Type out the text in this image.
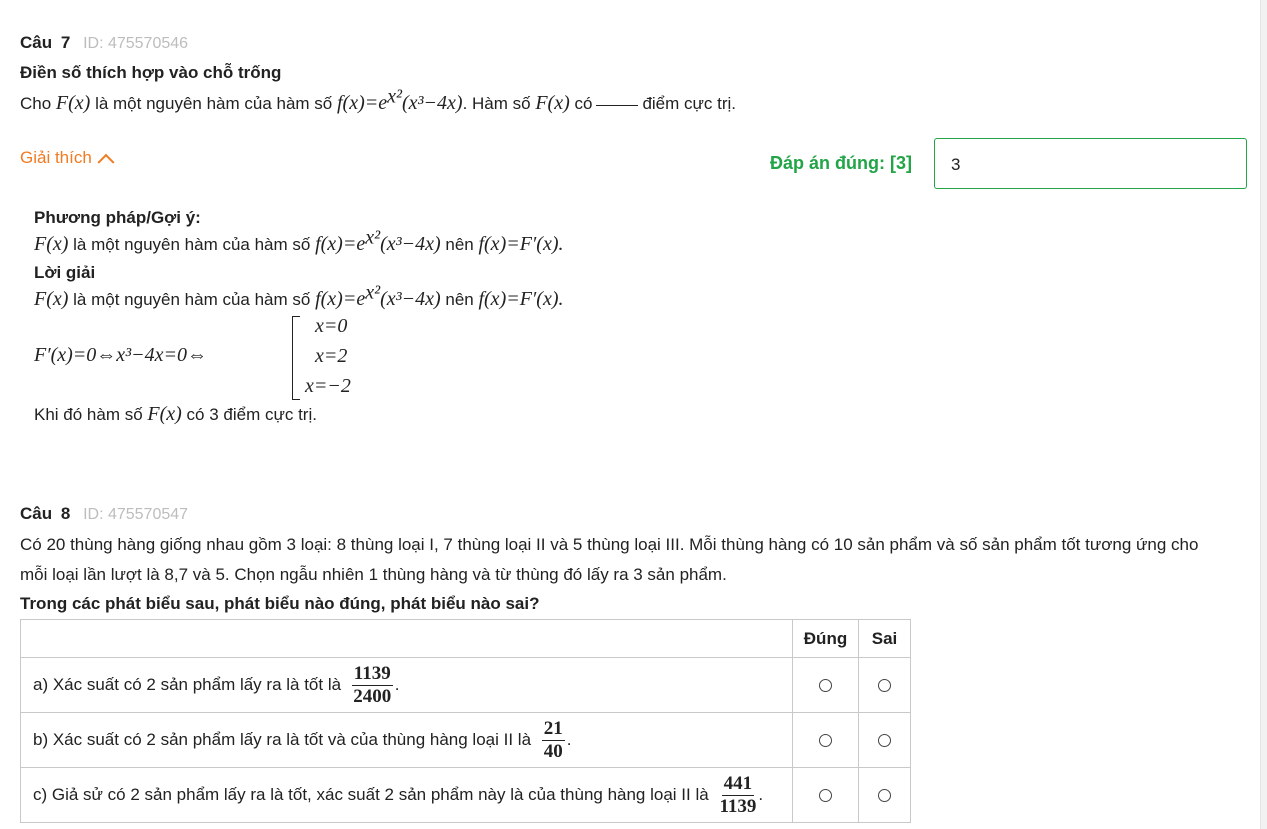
Câu 7 ID: 475570546
Điền số thích hợp vào chỗ trống
Cho F(x) là một nguyên hàm của hàm số $f(x)=e^{x^2}(x^3-4x)$. Hàm số F(x) có	điểm cực trị.
Giải thích	Đáp án đúng: [3]	3
Phương pháp/Gợi ý:
F(x) là một nguyên hàm của hàm số $f(x)=e^{x^2}(x^3-4x)$ nên f(x)=F′(x).
Lời giải
F(x) là một nguyên hàm của hàm số $f(x)=e^{x^2}(x^3-4x)$ nên f(x)=F′(x).
F′(x)=0⇔x³−4x=0⇔
x=0
x=2
x=−2
Khi đó hàm số F(x) có 3 điểm cực trị.
Câu 8 ID: 475570547
Có 20 thùng hàng giống nhau gồm 3 loại: 8 thùng loại I, 7 thùng loại II và 5 thùng loại III. Mỗi thùng hàng có 10 sản phẩm và số sản phẩm tốt tương ứng cho
mỗi loại lần lượt là 8,7 và 5. Chọn ngẫu nhiên 1 thùng hàng và từ thùng đó lấy ra 3 sản phẩm.
Trong các phát biểu sau, phát biểu nào đúng, phát biểu nào sai?
	Đúng	Sai
a) Xác suất có 2 sản phẩm lấy ra là tốt là $\frac{1139}{2400}$ .		
b) Xác suất có 2 sản phẩm lấy ra là tốt và của thùng hàng loại II là $\frac{21}{40}$ .		
c) Giả sử có 2 sản phẩm lấy ra là tốt, xác suất 2 sản phẩm này là của thùng hàng loại II là $\frac{441}{1139}$ .		
